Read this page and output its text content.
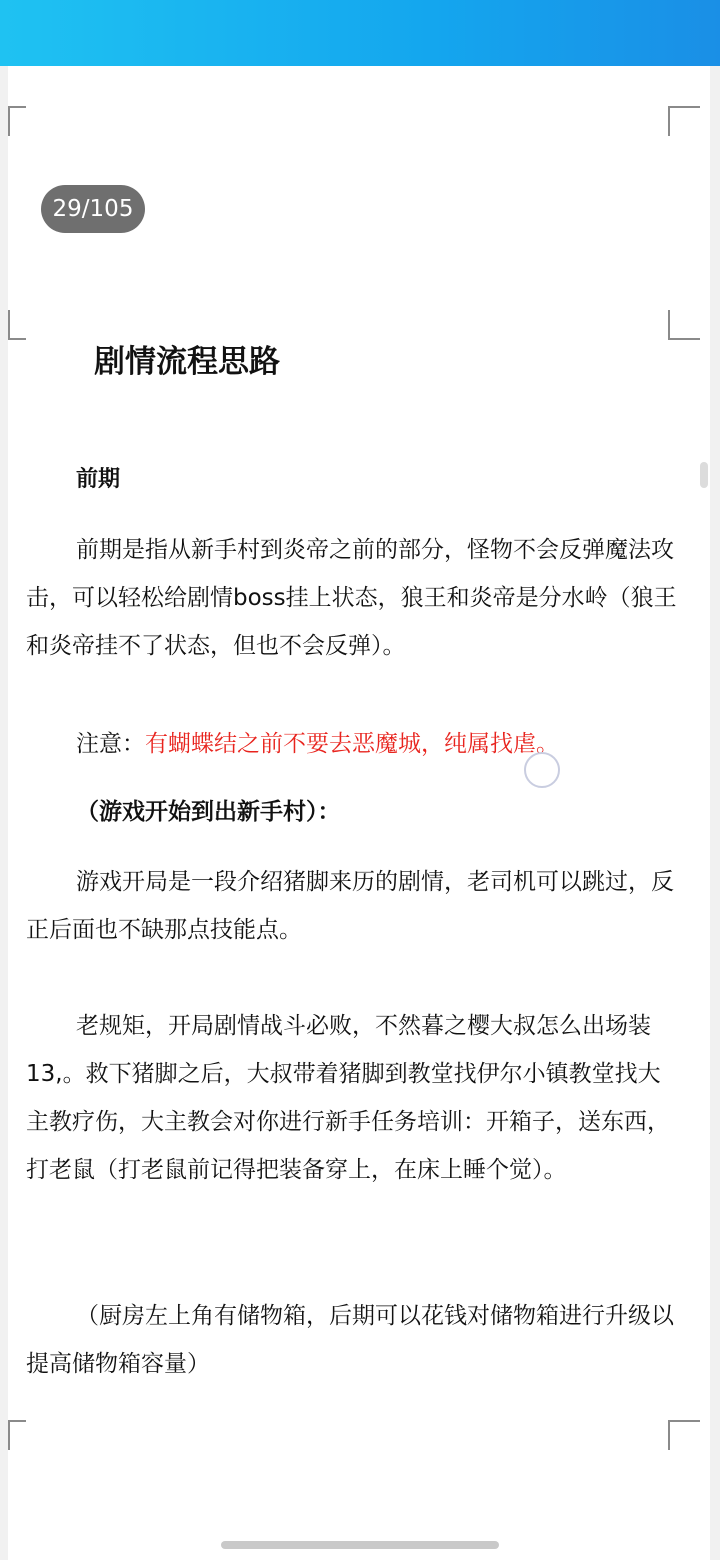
29/105
剧情流程思路
前期

前期是指从新手村到炎帝之前的部分，怪物不会反弹魔法攻击，可以轻松给剧情boss挂上状态，狼王和炎帝是分水岭（狼王和炎帝挂不了状态，但也不会反弹）。

注意：有蝴蝶结之前不要去恶魔城，纯属找虐。
（游戏开始到出新手村）：

游戏开局是一段介绍猪脚来历的剧情，老司机可以跳过，反正后面也不缺那点技能点。

老规矩，开局剧情战斗必败，不然暮之樱大叔怎么出场装13,。救下猪脚之后，大叔带着猪脚到教堂找伊尔小镇教堂找大主教疗伤，大主教会对你进行新手任务培训：开箱子，送东西，打老鼠（打老鼠前记得把装备穿上，在床上睡个觉）。

（厨房左上角有储物箱，后期可以花钱对储物箱进行升级以提高储物箱容量）
